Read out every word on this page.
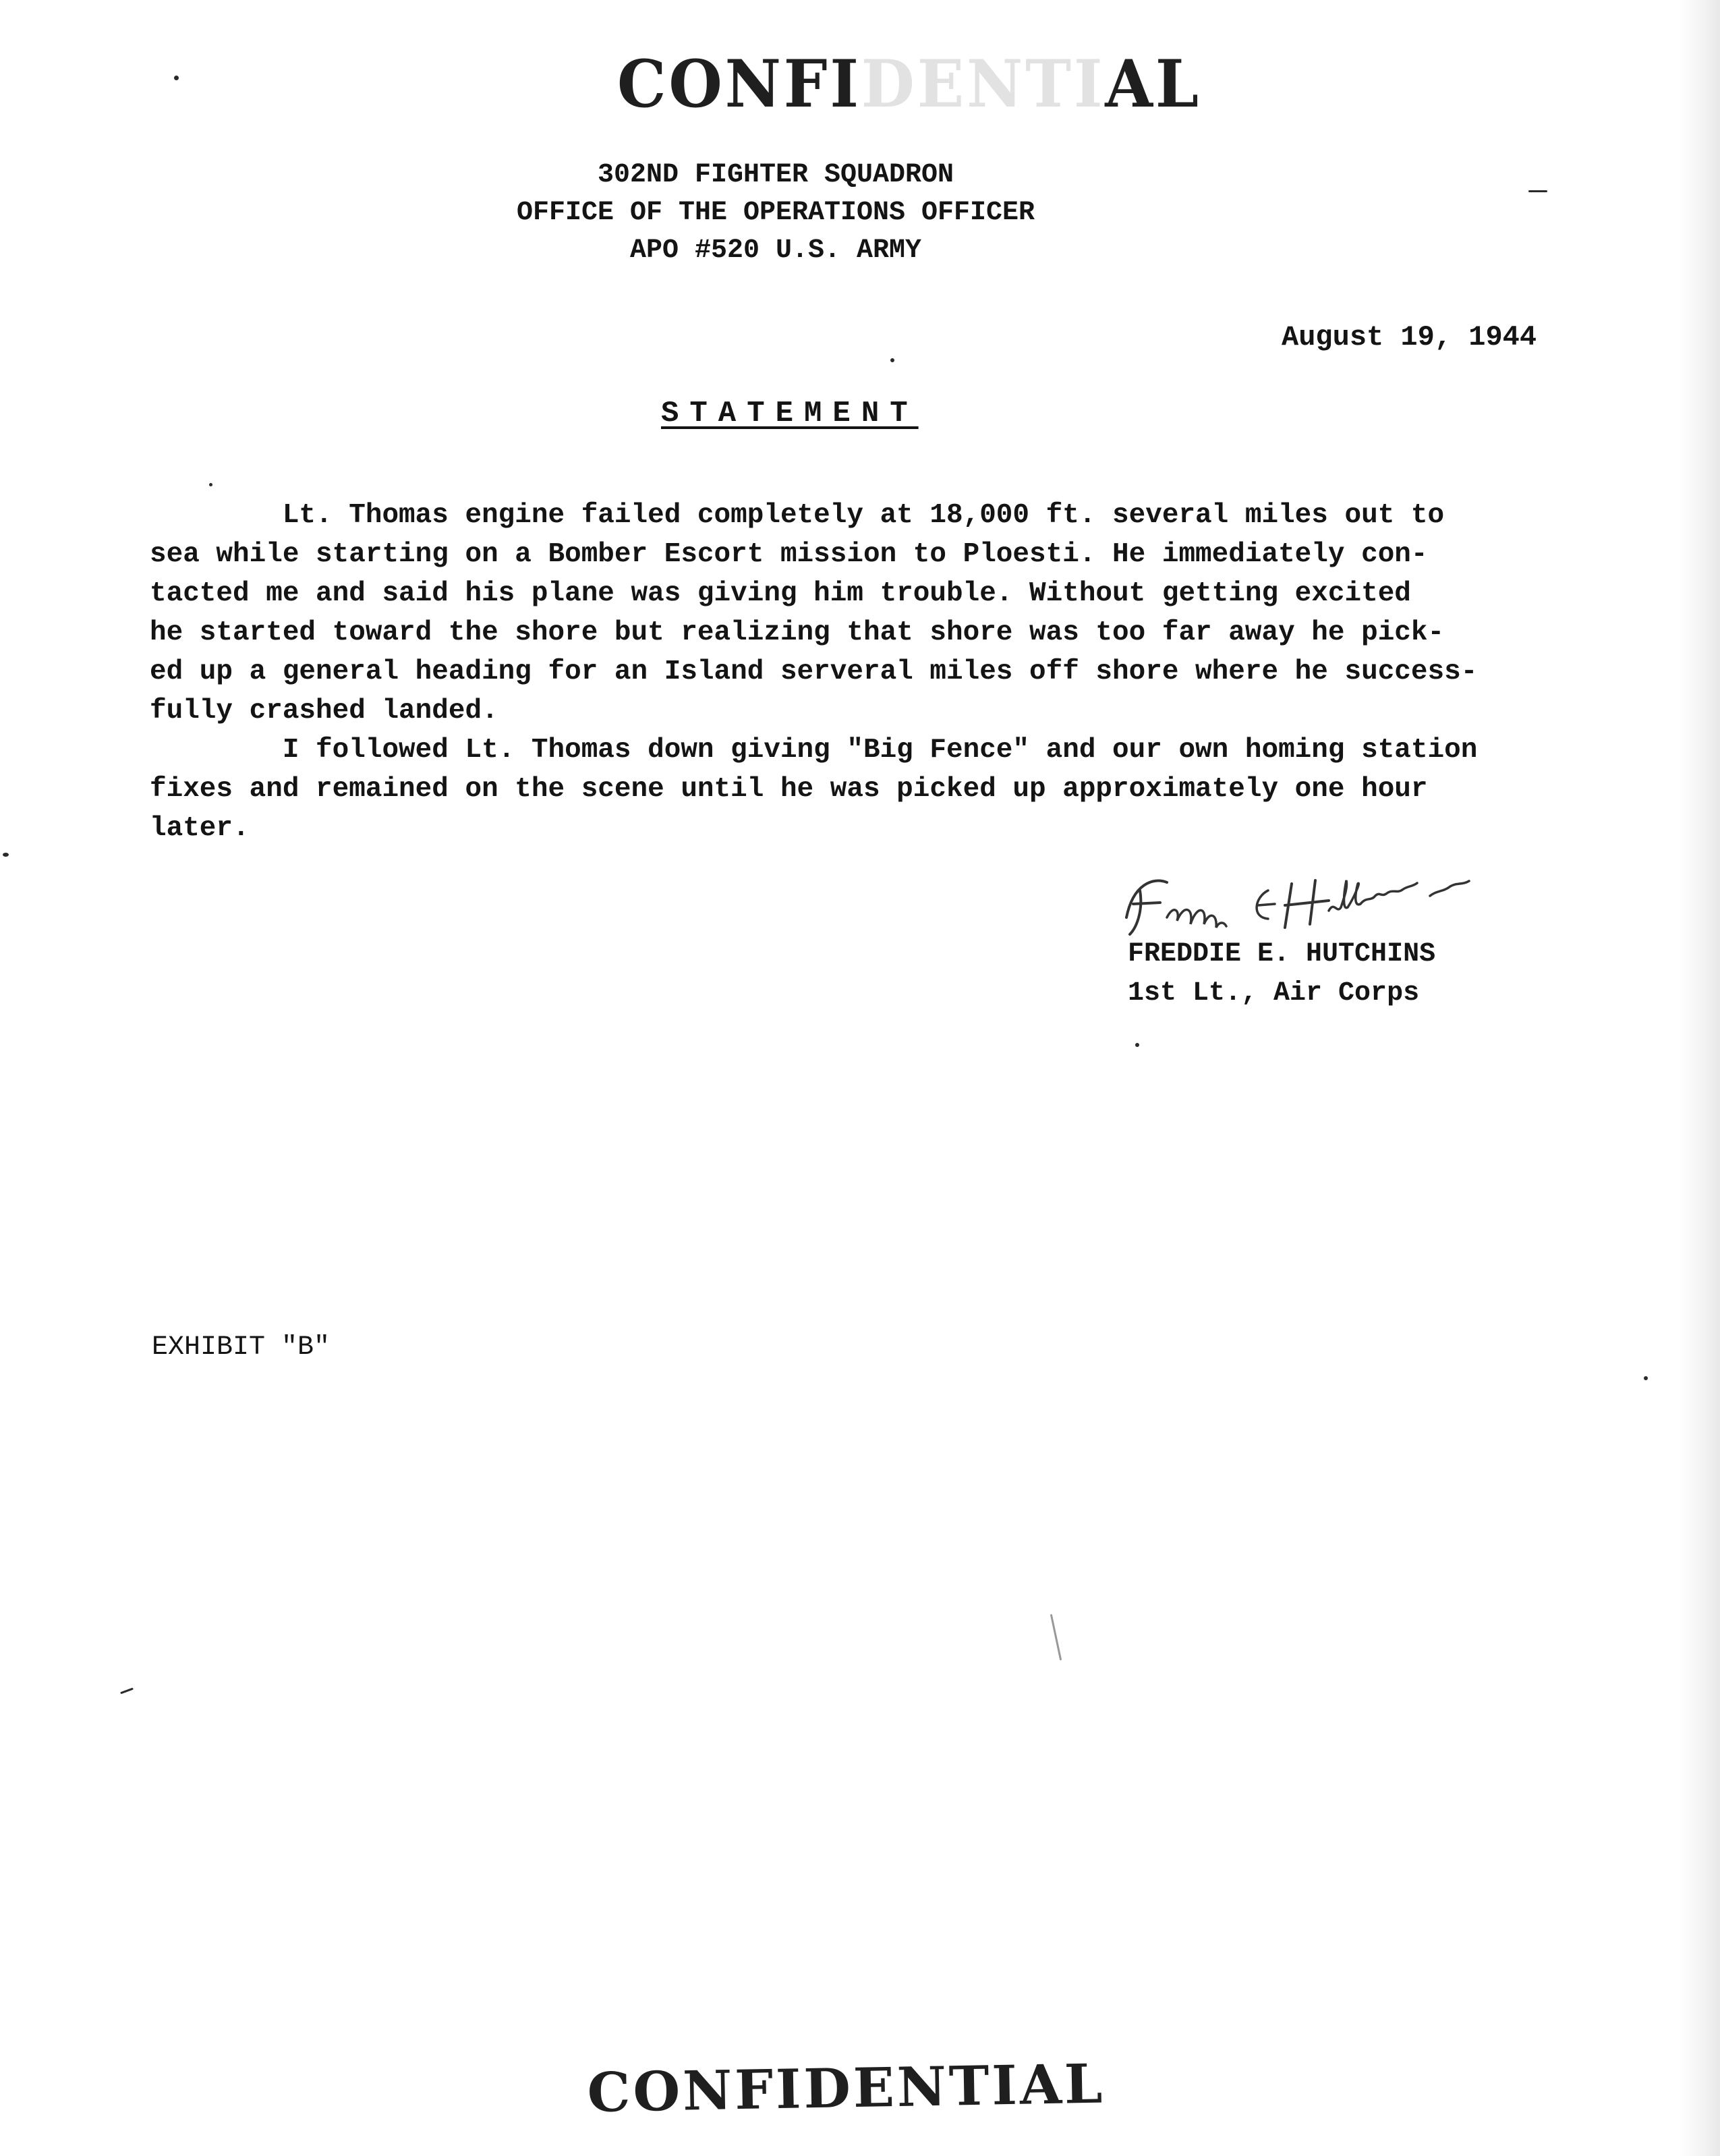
CONFIDENTIAL
302ND FIGHTER SQUADRON
OFFICE OF THE OPERATIONS OFFICER
APO #520 U.S. ARMY
August 19, 1944
STATEMENT
Lt. Thomas engine failed completely at 18,000 ft. several miles out to
sea while starting on a Bomber Escort mission to Ploesti. He immediately con-
tacted me and said his plane was giving him trouble. Without getting excited
he started toward the shore but realizing that shore was too far away he pick-
ed up a general heading for an Island serveral miles off shore where he success-
fully crashed landed.
I followed Lt. Thomas down giving "Big Fence" and our own homing station
fixes and remained on the scene until he was picked up approximately one hour
later.
FREDDIE E. HUTCHINS
1st Lt., Air Corps
EXHIBIT "B"
CONFIDENTIAL
